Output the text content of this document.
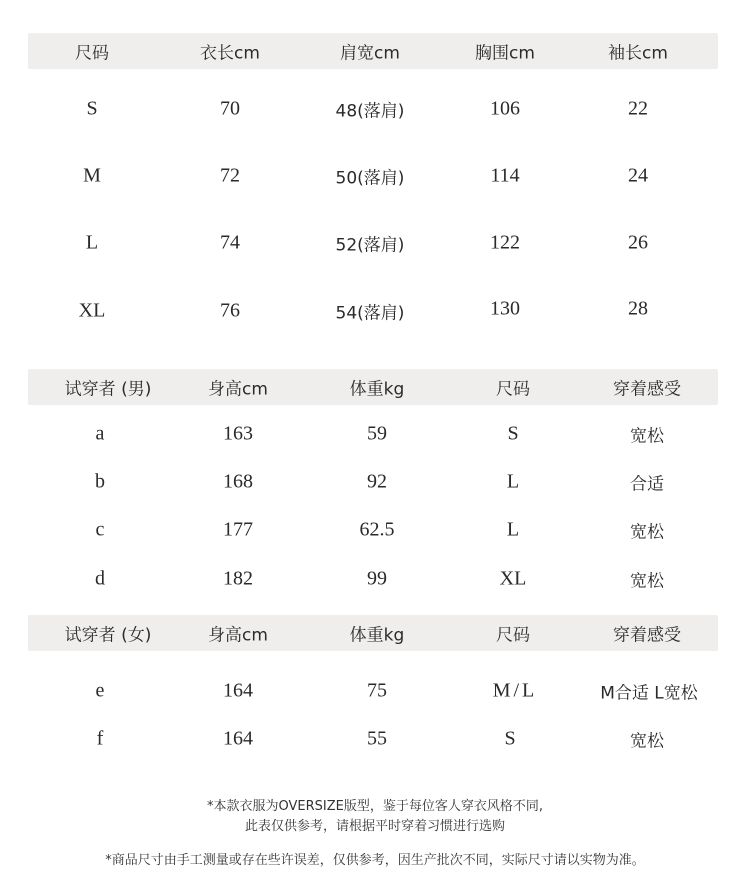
尺码	衣长cm	肩宽cm	胸围cm	袖长cm
S	70	48(落肩)	106	22
M	72	50(落肩)	114	24
L	74	52(落肩)	122	26
XL	76	54(落肩)	130	28
试穿者 (男)	身高cm	体重kg	尺码	穿着感受
a	163	59	S	宽松
b	168	92	L	合适
c	177	62.5	L	宽松
d	182	99	XL	宽松
试穿者 (女)	身高cm	体重kg	尺码	穿着感受
e	164	75	M/L	M合适 L宽松
f	164	55	S	宽松
*本款衣服为OVERSIZE版型，鉴于每位客人穿衣风格不同,
此表仅供参考，请根据平时穿着习惯进行选购
*商品尺寸由手工测量或存在些许误差，仅供参考，因生产批次不同，实际尺寸请以实物为准。
